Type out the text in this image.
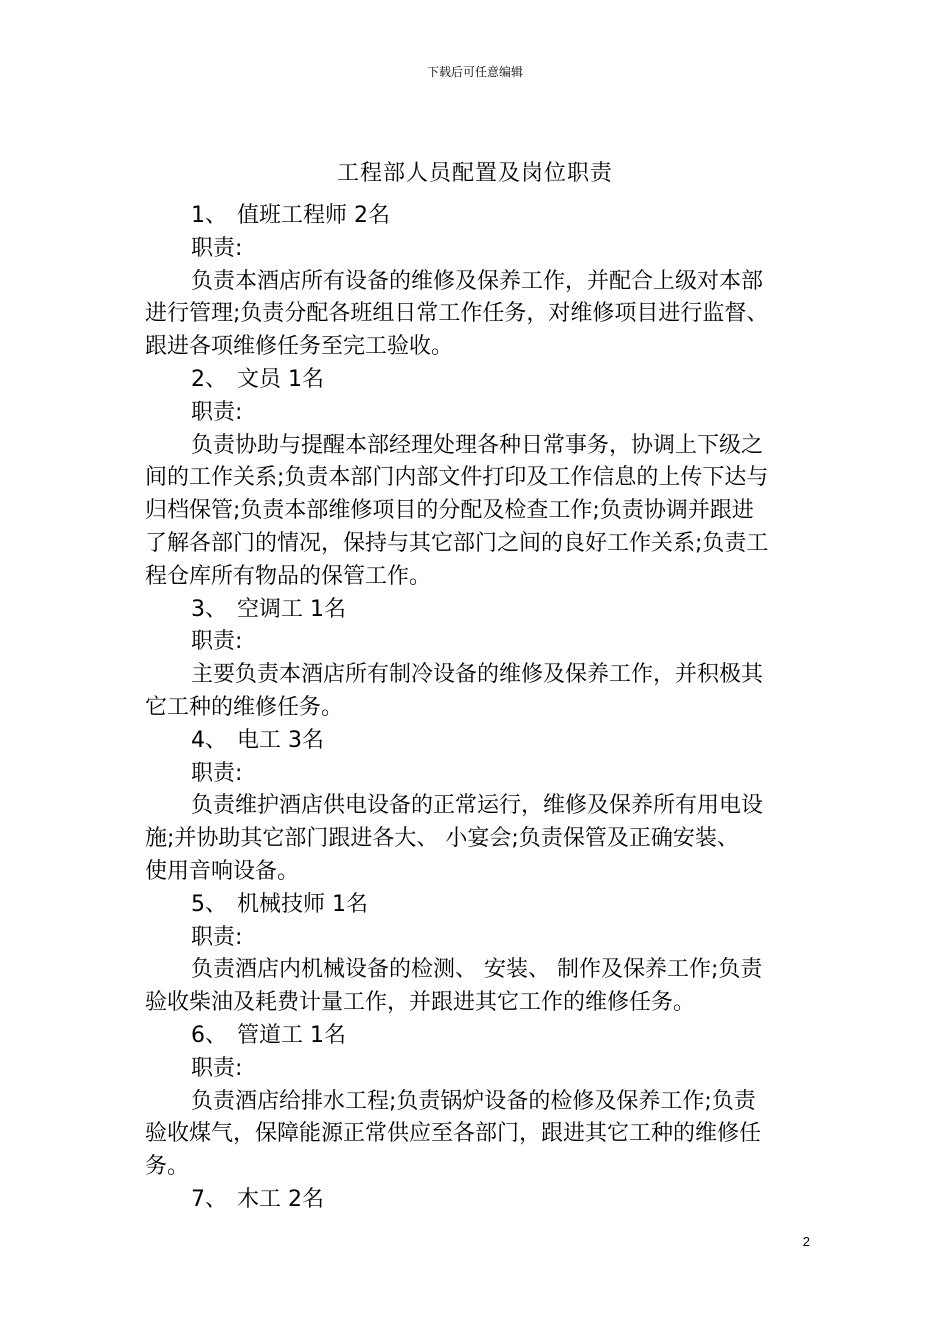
下载后可任意编辑
工程部人员配置及岗位职责
1、 值班工程师 2名
职责:
负责本酒店所有设备的维修及保养工作，并配合上级对本部
进行管理;负责分配各班组日常工作任务，对维修项目进行监督、
跟进各项维修任务至完工验收。
2、 文员 1名
职责:
负责协助与提醒本部经理处理各种日常事务，协调上下级之
间的工作关系;负责本部门内部文件打印及工作信息的上传下达与
归档保管;负责本部维修项目的分配及检查工作;负责协调并跟进
了解各部门的情况，保持与其它部门之间的良好工作关系;负责工
程仓库所有物品的保管工作。
3、 空调工 1名
职责:
主要负责本酒店所有制冷设备的维修及保养工作，并积极其
它工种的维修任务。
4、 电工 3名
职责:
负责维护酒店供电设备的正常运行，维修及保养所有用电设
施;并协助其它部门跟进各大、 小宴会;负责保管及正确安装、
使用音响设备。
5、 机械技师 1名
职责:
负责酒店内机械设备的检测、 安装、 制作及保养工作;负责
验收柴油及耗费计量工作，并跟进其它工作的维修任务。
6、 管道工 1名
职责:
负责酒店给排水工程;负责锅炉设备的检修及保养工作;负责
验收煤气，保障能源正常供应至各部门，跟进其它工种的维修任
务。
7、 木工 2名
2
